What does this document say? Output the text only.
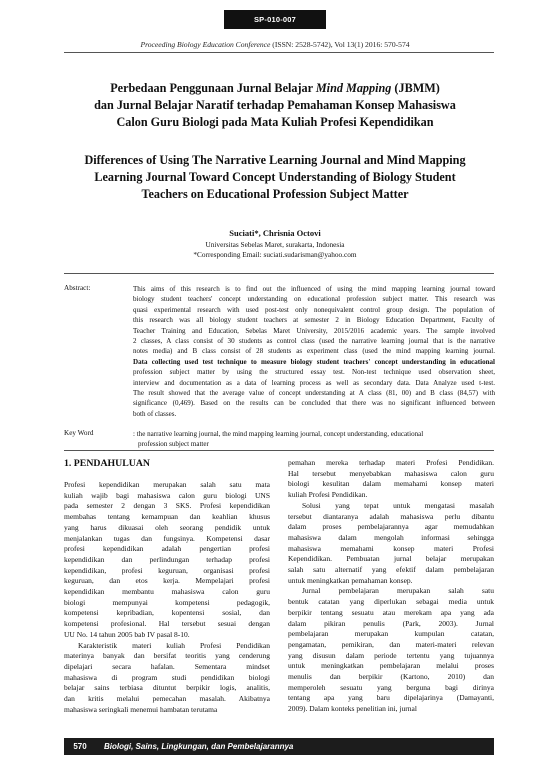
SP-010-007
Proceeding Biology Education Conference (ISSN: 2528-5742), Vol 13(1) 2016: 570-574
Perbedaan Penggunaan Jurnal Belajar Mind Mapping (JBMM)
dan Jurnal Belajar Naratif terhadap Pemahaman Konsep Mahasiswa
Calon Guru Biologi pada Mata Kuliah Profesi Kependidikan
Differences of Using The Narrative Learning Journal and Mind Mapping
Learning Journal Toward Concept Understanding of Biology Student
Teachers on Educational Profession Subject Matter
Suciati*, Chrisnia Octovi
Universitas Sebelas Maret, surakarta, Indonesia
*Corresponding Email: suciati.sudarisman@yahoo.com
Abstract:	This aims of this research is to find out the influenced of using the mind mapping learning journal toward
biology student teachers' concept understanding on educational profession subject matter. This research was
quasi experimental research with used post-test only nonequivalent control group design. The population of
this research was all biology student teachers at semester 2 in Biology Education Department, Faculty of
Teacher Training and Education, Sebelas Maret University, 2015/2016 academic years. The sample involved
2 classes, A class consist of 30 students as control class (used the narrative learning journal that is the narrative
notes media) and B class consist of 28 students as experiment class (used the mind mapping learning journal.
Data collecting used test technique to measure biology student teachers' concept understanding in educational
profession subject matter by using the structured essay test. Non-test technique used observation sheet,
interview and documentation as a data of learning process as well as secondary data. Data Analyze used t-test.
The result showed that the average value of concept understanding at A class (81, 00) and B class (84,57) with
significance (0,469). Based on the results can be concluded that there was no significant influenced between
both of classes.
Key Word	: the narrative learning journal, the mind mapping learning journal, concept understanding, educational
profession subject matter
1. PENDAHULUAN
Profesi kependidikan merupakan salah satu mata
kuliah wajib bagi mahasiswa calon guru biologi UNS
pada semester 2 dengan 3 SKS. Profesi kependidikan
membahas tentang kemampuan dan keahlian khusus
yang harus dikuasai oleh seorang pendidik untuk
menjalankan tugas dan fungsinya. Kompetensi dasar
profesi kependidikan adalah pengertian profesi
kependidikan dan perlindungan terhadap profesi
kependidikan, profesi keguruan, organisasi profesi
keguruan, dan etos kerja. Mempelajari profesi
kependidikan membantu mahasiswa calon guru
biologi mempunyai kompetensi pedagogik,
kompetensi kepribadian, kopentensi sosial, dan
kompetensi profesional. Hal tersebut sesuai dengan
UU No. 14 tahun 2005 bab IV pasal 8-10.
Karakteristik materi kuliah Profesi Pendidikan
materinya banyak dan bersifat teoritis yang cenderung
dipelajari secara hafalan. Sementara mindset
mahasiswa di program studi pendidikan biologi
belajar sains terbiasa dituntut berpikir logis, analitis,
dan kritis melalui pemecahan masalah. Akibatnya
mahasiswa seringkali menemui hambatan terutama
pemahan mereka terhadap materi Profesi Pendidikan.
Hal tersebut menyebabkan mahasiswa calon guru
biologi kesulitan dalam memahami konsep materi
kuliah Profesi Pendidikan.
Solusi yang tepat untuk mengatasi masalah
tersebut diantaranya adalah mahasiswa perlu dibantu
dalam proses pembelajarannya agar memudahkan
mahasiswa dalam mengolah informasi sehingga
mahasiswa memahami konsep materi Profesi
Kependidikan. Pembuatan jurnal belajar merupakan
salah satu alternatif yang efektif dalam pembelajaran
untuk meningkatkan pemahaman konsep.
Jurnal pembelajaran merupakan salah satu
bentuk catatan yang diperlukan sebagai media untuk
berpikir tentang sesuatu atau merekam apa yang ada
dalam pikiran penulis (Park, 2003). Jurnal
pembelajaran merupakan kumpulan catatan,
pengamatan, pemikiran, dan materi-materi relevan
yang disusun dalam periode tertentu yang tujuannya
untuk meningkatkan pembelajaran melalui proses
menulis dan berpikir (Kartono, 2010) dan
memperoleh sesuatu yang berguna bagi dirinya
tentang apa yang baru dipelajarinya (Damayanti,
2009). Dalam konteks penelitian ini, jurnal
570	Biologi, Sains, Lingkungan, dan Pembelajarannya
